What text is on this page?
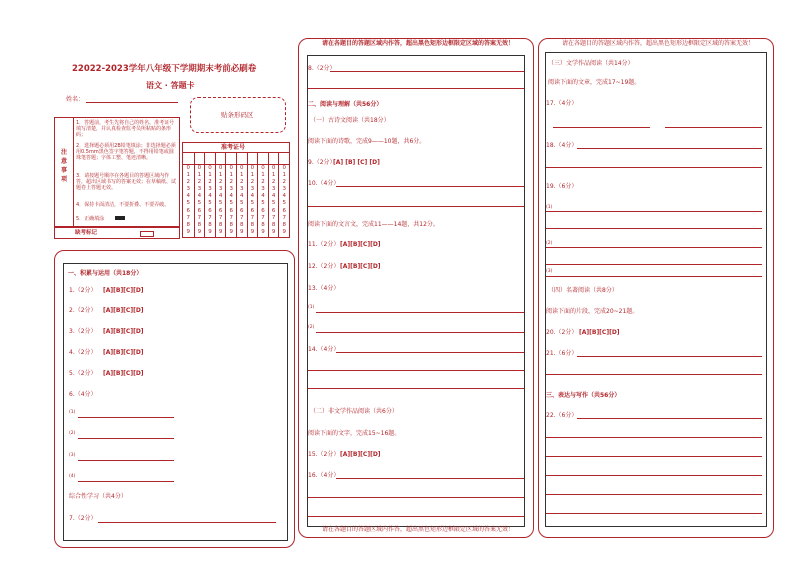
22022-2023学年八年级下学期期末考前必刷卷
语文 · 答题卡
姓名：
贴条形码区
注意事项
1．答题前，考生先将自己的姓名、准考证号填写清楚，并认真检查监考员所粘贴的条形码；
2．选择题必须用2B铅笔填涂；非选择题必须用0.5mm黑色签字笔答题，不得用铅笔或圆珠笔答题；字体工整、笔迹清晰。
3．请按题号顺序在各题目的答题区域内作答，超出区域书写的答案无效；在草稿纸、试题卷上答题无效。
4．保持卡面清洁，不要折叠、不要弄破。
5．正确填涂
缺考标记
准考证号
0
1
2
3
4
5
6
7
8
9
0
1
2
3
4
5
6
7
8
9
0
1
2
3
4
5
6
7
8
9
0
1
2
3
4
5
6
7
8
9
0
1
2
3
4
5
6
7
8
9
0
1
2
3
4
5
6
7
8
9
0
1
2
3
4
5
6
7
8
9
0
1
2
3
4
5
6
7
8
9
0
1
2
3
4
5
6
7
8
9
0
1
2
3
4
5
6
7
8
9
一、积累与运用（共18分）
1.（2分） [A][B][C][D]
2.（2分） [A][B][C][D]
3.（2分） [A][B][C][D]
4.（2分） [A][B][C][D]
5.（2分） [A][B][C][D]
6.（4分）
(1)
(2)
(3)
(4)
综合性学习（共4分）
7.（2分）
请在各题目的答题区域内作答，超出黑色矩形边框限定区域的答案无效！
请在各题目的答题区域内作答，超出黑色矩形边框限定区域的答案无效！
8.（2分）
二、阅读与理解（共56分）
（一）古诗文阅读（共18分）
阅读下面的诗歌，完成9——10题，共6分。
9.（2分）
[A] [B] [C] [D]
10.（4分）
阅读下面的文言文，完成11——14题，共12分。
11.（2分） [A][B][C][D]
12.（2分） [A][B][C][D]
13.（4分）
(1)
(2)
14.（4分）
（二）非文学作品阅读（共6分）
阅读下面的文字，完成15~16题。
15.（2分） [A][B][C][D]
16.（4分）
请在各题目的答题区域内作答，超出黑色矩形边框限定区域的答案无效！
（三）文学作品阅读（共14分）
阅读下面的文章，完成17~19题。
17.（4分）
18.（4分）
19.（6分）
(1)
(2)
(3)
（四）名著阅读（共8分）
阅读下面的片段，完成20~21题。
20.（2分） [A][B][C][D]
21.（6分）
三、表达与写作（共56分）
22.（6分）
